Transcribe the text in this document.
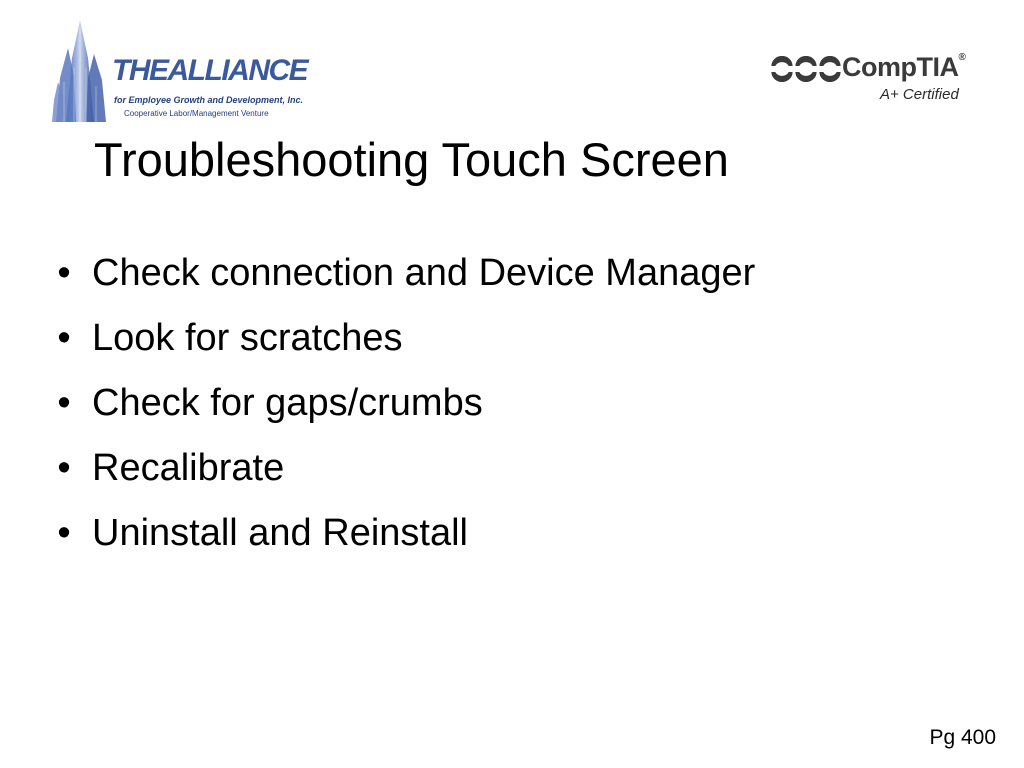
THEALLIANCE
for Employee Growth and Development, Inc.
Cooperative Labor/Management Venture
CompTIA®
A+ Certified
Troubleshooting Touch Screen
• Check connection and Device Manager
• Look for scratches
• Check for gaps/crumbs
• Recalibrate
• Uninstall and Reinstall
Pg 400
